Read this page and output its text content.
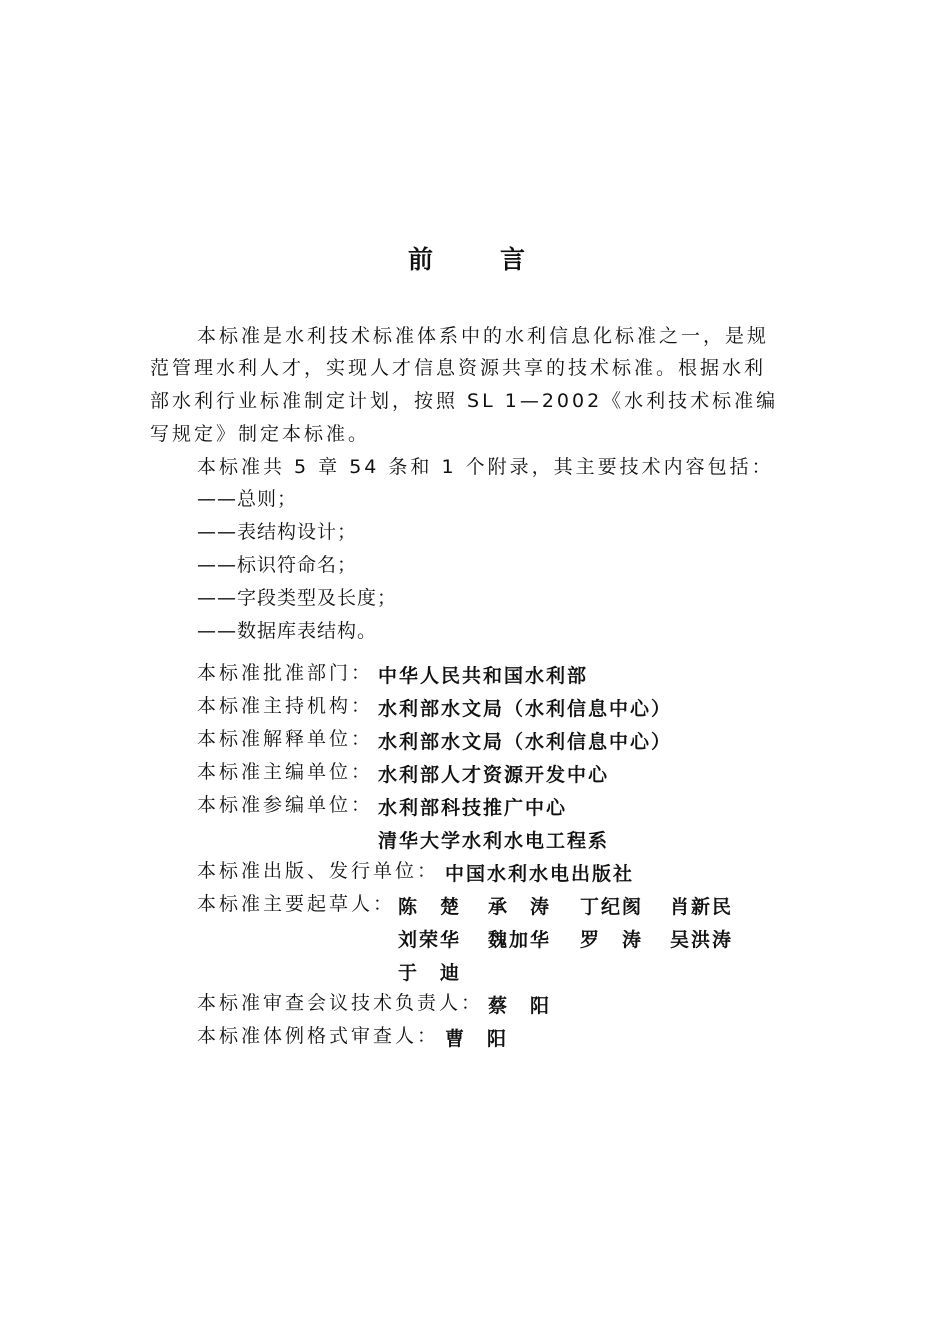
前	言
本标准是水利技术标准体系中的水利信息化标准之一，是规
范管理水利人才，实现人才信息资源共享的技术标准。根据水利
部水利行业标准制定计划，按照 SL 1—2002《水利技术标准编
写规定》制定本标准。
本标准共 5 章 54 条和 1 个附录，其主要技术内容包括：
——总则；
——表结构设计；
——标识符命名；
——字段类型及长度；
——数据库表结构。
本标准批准部门： 中华人民共和国水利部
本标准主持机构： 水利部水文局（水利信息中心）
本标准解释单位： 水利部水文局（水利信息中心）
本标准主编单位： 水利部人才资源开发中心
本标准参编单位： 水利部科技推广中心
清华大学水利水电工程系
本标准出版、发行单位： 中国水利水电出版社
本标准主要起草人： 陈　楚 承　涛 丁纪阂 肖新民
刘荣华 魏加华 罗　涛 吴洪涛
于　迪
本标准审查会议技术负责人： 蔡　阳
本标准体例格式审查人： 曹　阳
